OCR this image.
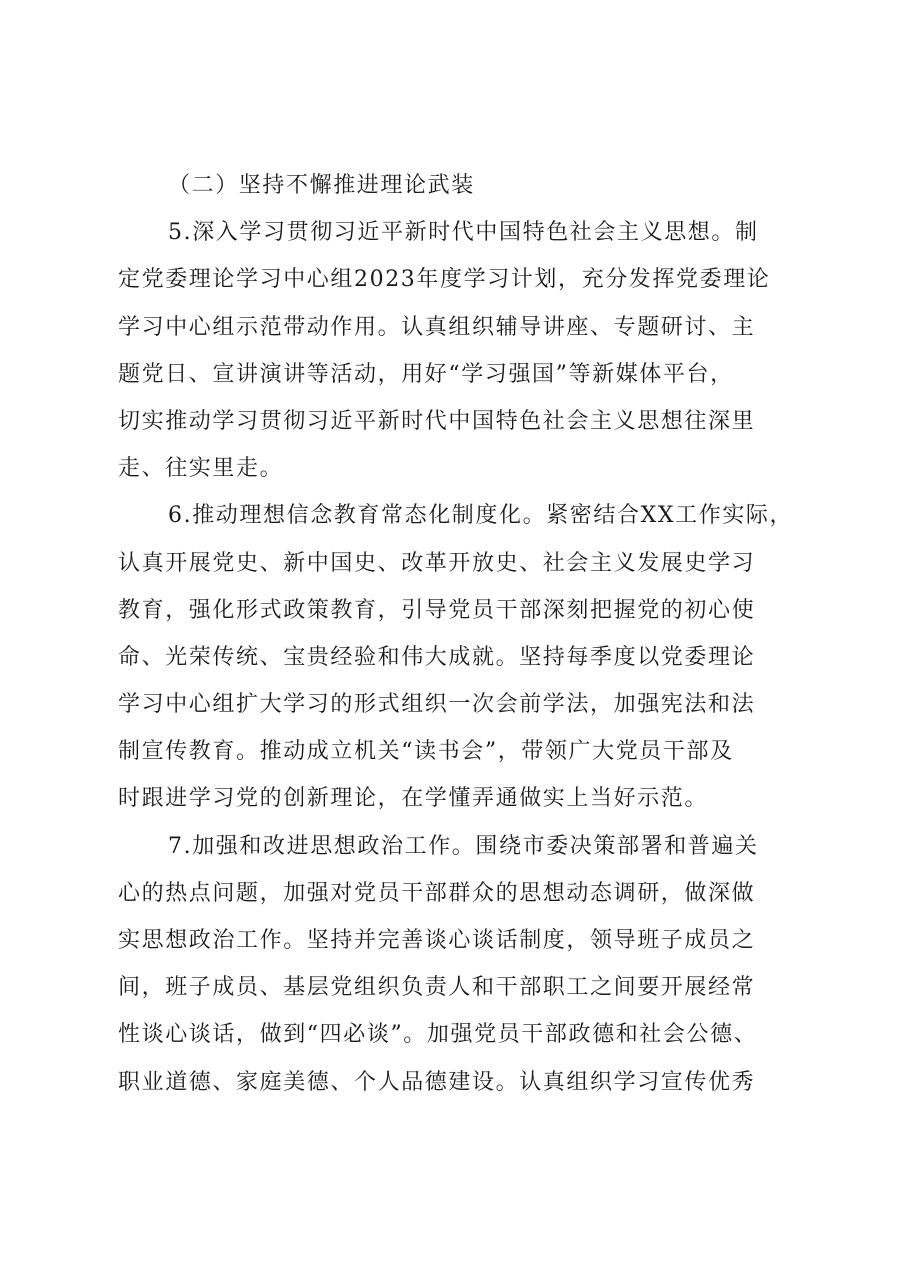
（二）坚持不懈推进理论武装
5.深入学习贯彻习近平新时代中国特色社会主义思想。制
定党委理论学习中心组2023年度学习计划，充分发挥党委理论
学习中心组示范带动作用。认真组织辅导讲座、专题研讨、主
题党日、宣讲演讲等活动，用好“学习强国”等新媒体平台，
切实推动学习贯彻习近平新时代中国特色社会主义思想往深里
走、往实里走。
6.推动理想信念教育常态化制度化。紧密结合XX工作实际，
认真开展党史、新中国史、改革开放史、社会主义发展史学习
教育，强化形式政策教育，引导党员干部深刻把握党的初心使
命、光荣传统、宝贵经验和伟大成就。坚持每季度以党委理论
学习中心组扩大学习的形式组织一次会前学法，加强宪法和法
制宣传教育。推动成立机关“读书会”，带领广大党员干部及
时跟进学习党的创新理论，在学懂弄通做实上当好示范。
7.加强和改进思想政治工作。围绕市委决策部署和普遍关
心的热点问题，加强对党员干部群众的思想动态调研，做深做
实思想政治工作。坚持并完善谈心谈话制度，领导班子成员之
间，班子成员、基层党组织负责人和干部职工之间要开展经常
性谈心谈话，做到“四必谈”。加强党员干部政德和社会公德、
职业道德、家庭美德、个人品德建设。认真组织学习宣传优秀
